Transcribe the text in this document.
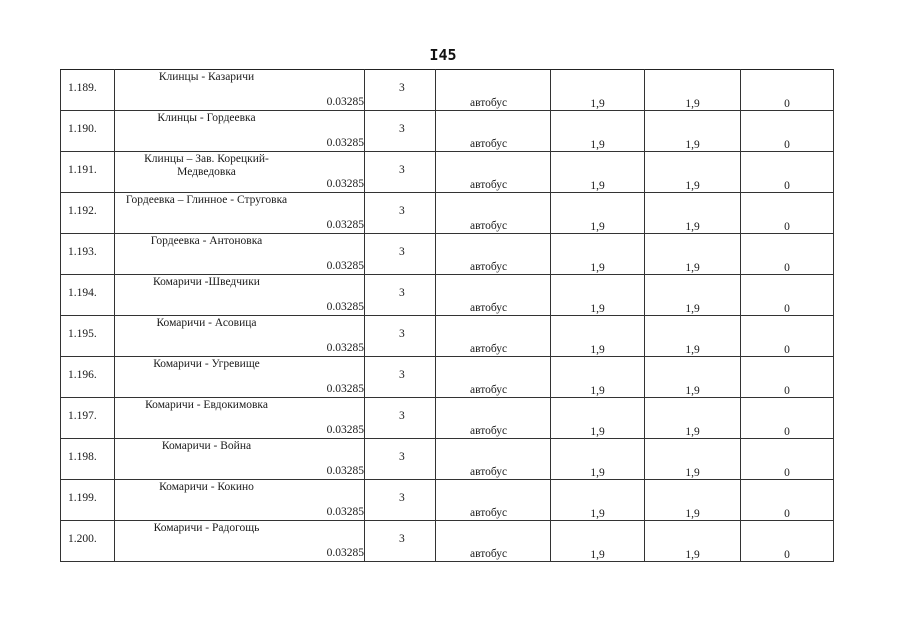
I45
1.189.	Клинцы - Казаричи	0.03285	3	автобус	1,9	1,9	0

1.190.	Клинцы - Гордеевка	0.03285	3	автобус	1,9	1,9	0

1.191.	Клинцы – Зав. Корецкий-Медведовка	0.03285	3	автобус	1,9	1,9	0

1.192.	Гордеевка – Глинное - Струговка	0.03285	3	автобус	1,9	1,9	0

1.193.	Гордеевка - Антоновка	0.03285	3	автобус	1,9	1,9	0

1.194.	Комаричи -Шведчики	0.03285	3	автобус	1,9	1,9	0

1.195.	Комаричи - Асовица	0.03285	3	автобус	1,9	1,9	0

1.196.	Комаричи - Угревище	0.03285	3	автобус	1,9	1,9	0

1.197.	Комаричи - Евдокимовка	0.03285	3	автобус	1,9	1,9	0

1.198.	Комаричи - Война	0.03285	3	автобус	1,9	1,9	0

1.199.	Комаричи - Кокино	0.03285	3	автобус	1,9	1,9	0

1.200.	Комаричи - Радогощь	0.03285	3	автобус	1,9	1,9	0
